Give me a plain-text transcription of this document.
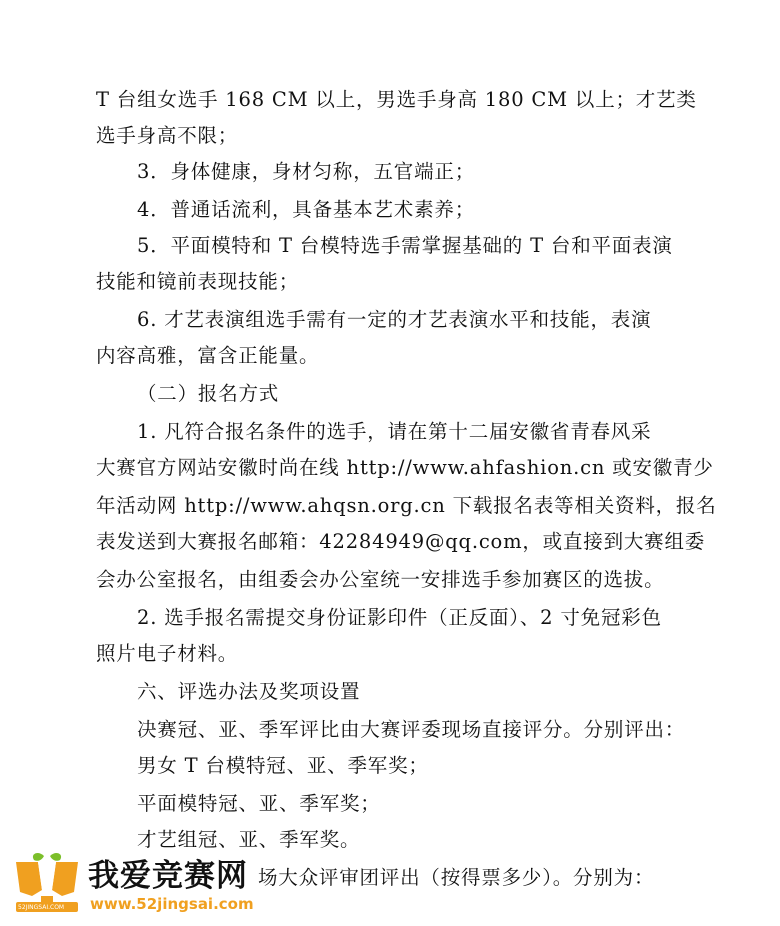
T 台组女选手 168 CM 以上，男选手身高 180 CM 以上；才艺类
选手身高不限；
3．身体健康，身材匀称，五官端正；
4．普通话流利，具备基本艺术素养；
5．平面模特和 T 台模特选手需掌握基础的 T 台和平面表演
技能和镜前表现技能；
6. 才艺表演组选手需有一定的才艺表演水平和技能，表演
内容高雅，富含正能量。
（二）报名方式
1. 凡符合报名条件的选手，请在第十二届安徽省青春风采
大赛官方网站安徽时尚在线 http://www.ahfashion.cn 或安徽青少
年活动网 http://www.ahqsn.org.cn 下载报名表等相关资料，报名
表发送到大赛报名邮箱：42284949@qq.com，或直接到大赛组委
会办公室报名，由组委会办公室统一安排选手参加赛区的选拔。
2. 选手报名需提交身份证影印件（正反面）、2 寸免冠彩色
照片电子材料。
六、评选办法及奖项设置
决赛冠、亚、季军评比由大赛评委现场直接评分。分别评出：
男女 T 台模特冠、亚、季军奖；
平面模特冠、亚、季军奖；
才艺组冠、亚、季军奖。
场大众评审团评出（按得票多少）。分别为：
52JINGSAI.COM
我爱竞赛网
www.52jingsai.com
